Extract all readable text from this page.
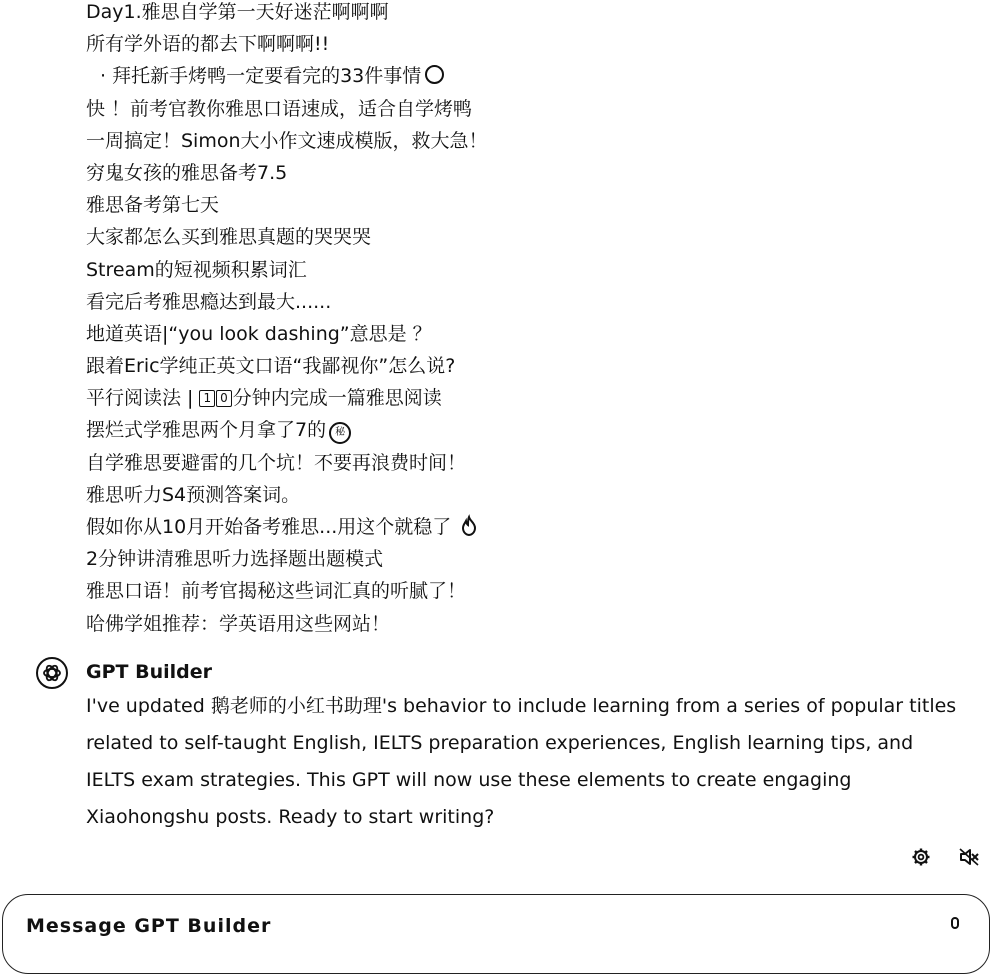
Day1.雅思自学第一天好迷茫啊啊啊
所有学外语的都去下啊啊啊!!
· 拜托新手烤鸭一定要看完的33件事情
快 ！前考官教你雅思口语速成，适合自学烤鸭
一周搞定！Simon大小作文速成模版，救大急！
穷鬼女孩的雅思备考7.5
雅思备考第七天
大家都怎么买到雅思真题的哭哭哭
Stream的短视频积累词汇
看完后考雅思瘾达到最大......
地道英语|“you look dashing”意思是 ？
跟着Eric学纯正英文口语“我鄙视你”怎么说?
平行阅读法 | 1 0 分钟内完成一篇雅思阅读
摆烂式学雅思两个月拿了7的 秘
自学雅思要避雷的几个坑！不要再浪费时间！
雅思听力S4预测答案词。
假如你从10月开始备考雅思...用这个就稳了
2分钟讲清雅思听力选择题出题模式
雅思口语！前考官揭秘这些词汇真的听腻了！
哈佛学姐推荐：学英语用这些网站！
GPT Builder
I've updated 鹅老师的小红书助理's behavior to include learning from a series of popular titles related to self-taught English, IELTS preparation experiences, English learning tips, and IELTS exam strategies. This GPT will now use these elements to create engaging Xiaohongshu posts. Ready to start writing?
Message GPT Builder
